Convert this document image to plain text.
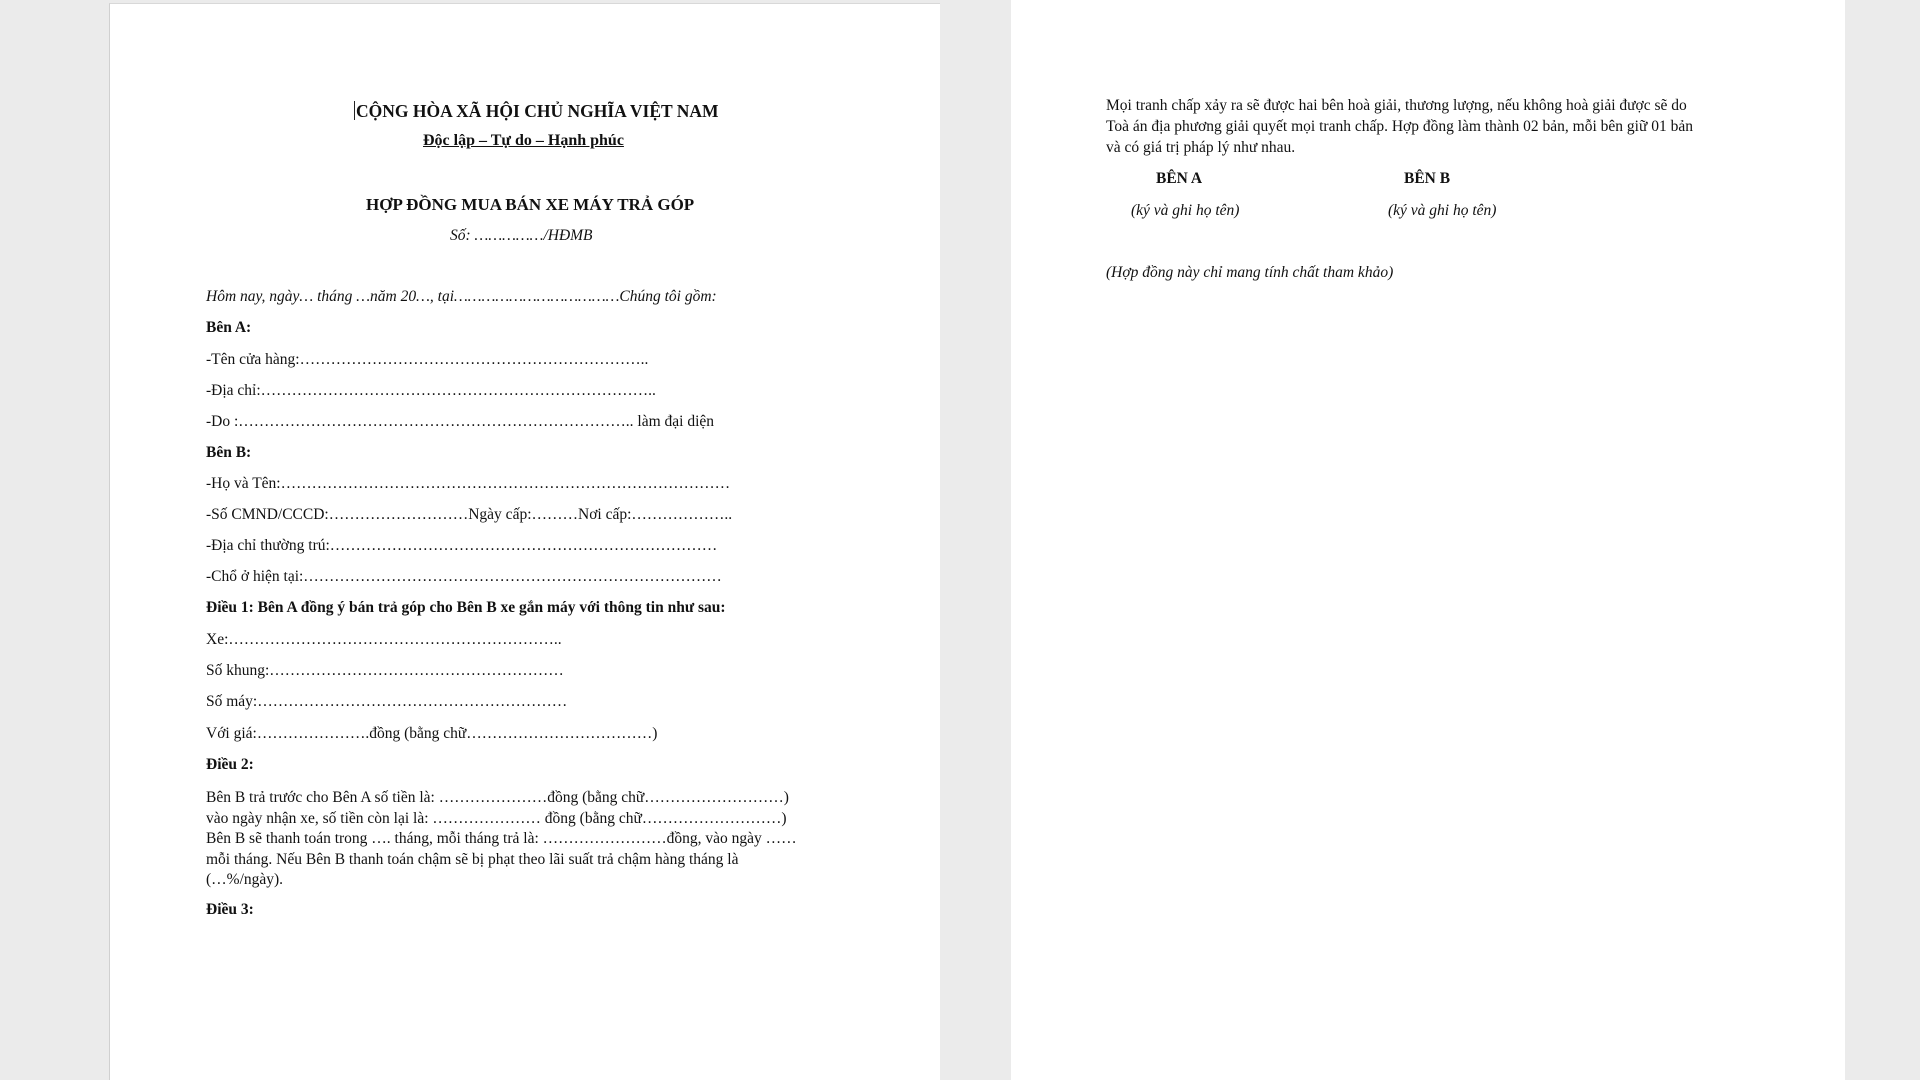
CỘNG HÒA XÃ HỘI CHỦ NGHĨA VIỆT NAM
Độc lập – Tự do – Hạnh phúc
HỢP ĐỒNG MUA BÁN XE MÁY TRẢ GÓP
Số: ……………/HĐMB
Hôm nay, ngày… tháng …năm 20…, tại………………………………Chúng tôi gồm:
Bên A:
-Tên cửa hàng:…………………………………………………………..
-Địa chỉ:…………………………………………………………………..
-Do :………………………………………………………………….. làm đại diện
Bên B:
-Họ và Tên:……………………………………………………………………………
-Số CMND/CCCD:………………………Ngày cấp:………Nơi cấp:………………..
-Địa chỉ thường trú:…………………………………………………………………
-Chổ ở hiện tại:………………………………………………………………………
Điều 1: Bên A đồng ý bán trả góp cho Bên B xe gắn máy với thông tin như sau:
Xe:………………………………………………………..
Số khung:…………………………………………………
Số máy:……………………………………………………
Với giá:………………….đồng (bằng chữ………………………………)
Điều 2:
Bên B trả trước cho Bên A số tiền là: …………………đồng (bằng chữ………………………)
vào ngày nhận xe, số tiền còn lại là: ………………… đồng (bằng chữ………………………)
Bên B sẽ thanh toán trong …. tháng, mỗi tháng trả là: ……………………đồng, vào ngày ……
mỗi tháng. Nếu Bên B thanh toán chậm sẽ bị phạt theo lãi suất trả chậm hàng tháng là
(…%/ngày).
Điều 3:
Mọi tranh chấp xảy ra sẽ được hai bên hoà giải, thương lượng, nếu không hoà giải được sẽ do
Toà án địa phương giải quyết mọi tranh chấp. Hợp đồng làm thành 02 bản, mỗi bên giữ 01 bản
và có giá trị pháp lý như nhau.
BÊN A	BÊN B
(ký và ghi họ tên)	(ký và ghi họ tên)
(Hợp đồng này chỉ mang tính chất tham khảo)
